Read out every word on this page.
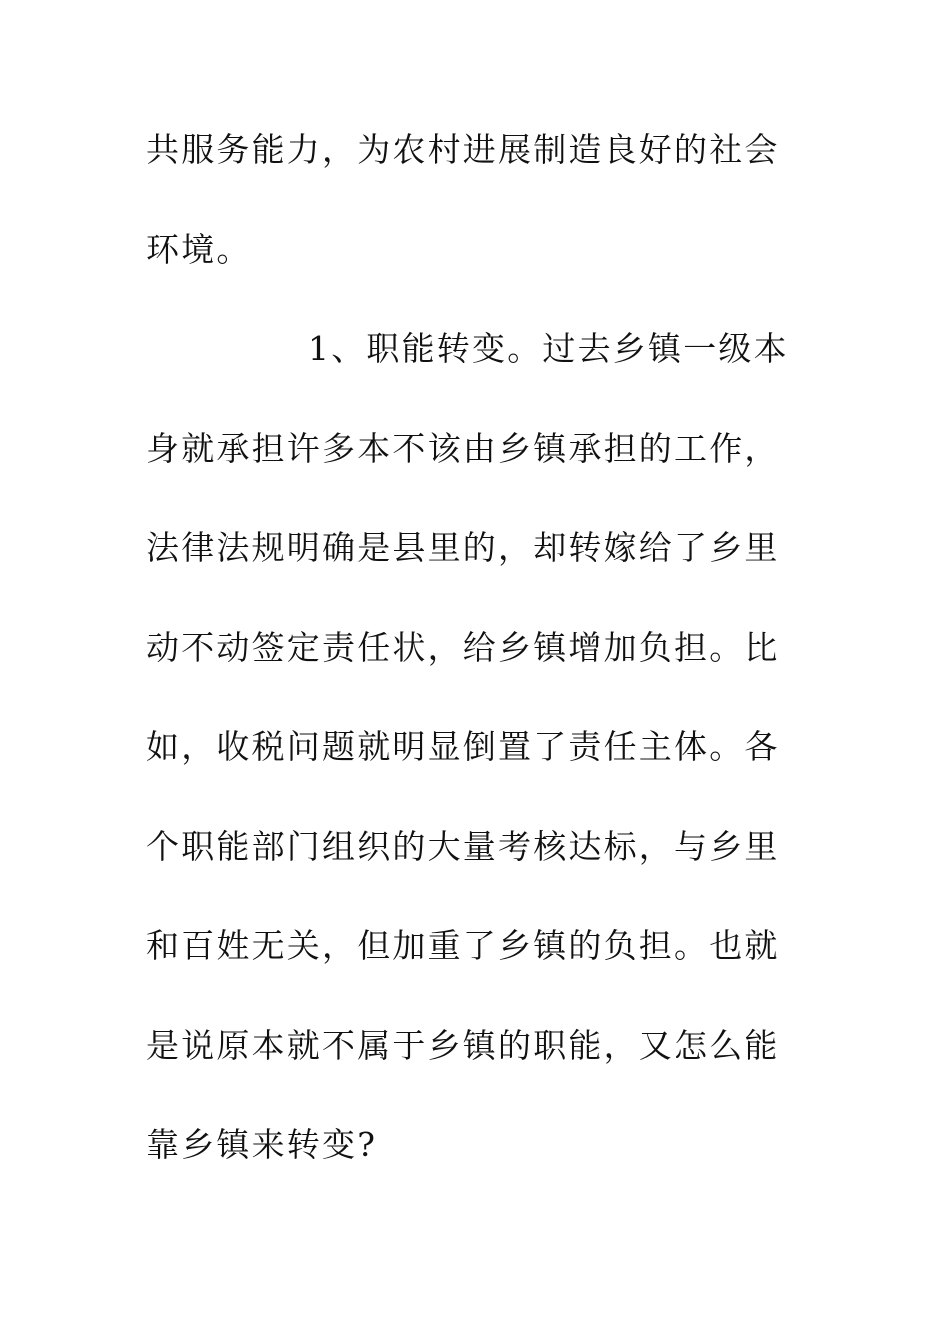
共服务能力，为农村进展制造良好的社会
环境。
1、职能转变。过去乡镇一级本
身就承担许多本不该由乡镇承担的工作，
法律法规明确是县里的，却转嫁给了乡里
动不动签定责任状，给乡镇增加负担。比
如，收税问题就明显倒置了责任主体。各
个职能部门组织的大量考核达标，与乡里
和百姓无关，但加重了乡镇的负担。也就
是说原本就不属于乡镇的职能，又怎么能
靠乡镇来转变?
